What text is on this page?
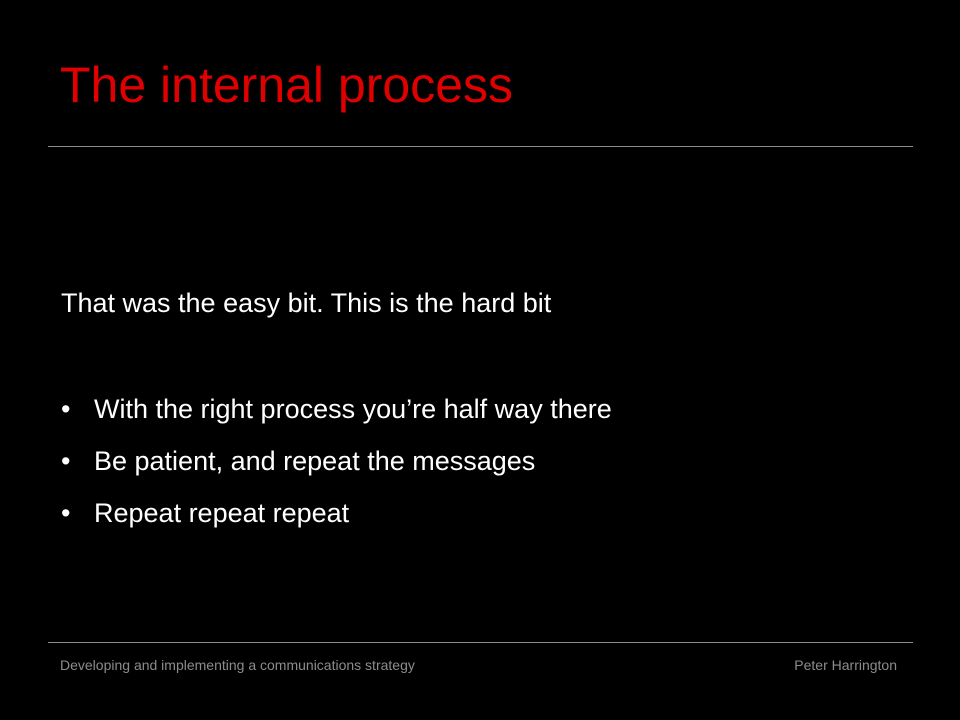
The internal process

That was the easy bit. This is the hard bit

• With the right process you’re half way there
• Be patient, and repeat the messages
• Repeat repeat repeat
Developing and implementing a communications strategy	Peter Harrington
